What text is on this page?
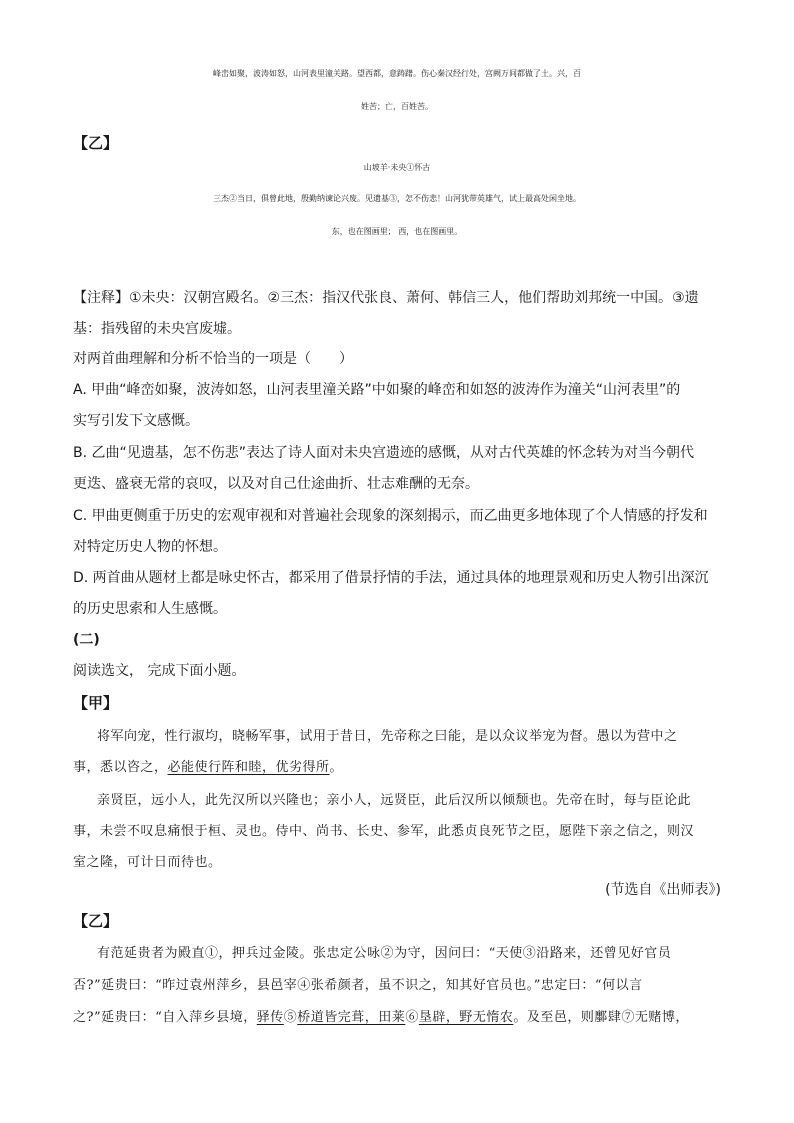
峰峦如聚，波涛如怒，山河表里潼关路。望西都，意踌躇。伤心秦汉经行处，宫阙万间都做了土。兴，百
姓苦；亡，百姓苦。
【乙】
山坡羊·未央①怀古
三杰②当日，俱曾此地，殷勤纳谏论兴废。见遗基③，怎不伤悲！山河犹带英雄气，试上最高处闲坐地。
东，也在图画里； 西，也在图画里。
【注释】①未央：汉朝宫殿名。②三杰：指汉代张良、萧何、韩信三人，他们帮助刘邦统一中国。③遗
基：指残留的未央宫废墟。
对两首曲理解和分析不恰当的一项是（　　）
A. 甲曲“峰峦如聚，波涛如怒，山河表里潼关路”中如聚的峰峦和如怒的波涛作为潼关“山河表里”的
实写引发下文感慨。
B. 乙曲“见遗基，怎不伤悲”表达了诗人面对未央宫遗迹的感慨，从对古代英雄的怀念转为对当今朝代
更迭、盛衰无常的哀叹，以及对自己仕途曲折、壮志难酬的无奈。
C. 甲曲更侧重于历史的宏观审视和对普遍社会现象的深刻揭示，而乙曲更多地体现了个人情感的抒发和
对特定历史人物的怀想。
D. 两首曲从题材上都是咏史怀古，都采用了借景抒情的手法，通过具体的地理景观和历史人物引出深沉
的历史思索和人生感慨。
(二)
阅读选文， 完成下面小题。
【甲】
将军向宠，性行淑均，晓畅军事，试用于昔日，先帝称之曰能，是以众议举宠为督。愚以为营中之
事，悉以咨之，必能使行阵和睦，优劣得所。
亲贤臣，远小人，此先汉所以兴隆也；亲小人，远贤臣，此后汉所以倾颓也。先帝在时，每与臣论此
事，未尝不叹息痛恨于桓、灵也。侍中、尚书、长史、参军，此悉贞良死节之臣，愿陛下亲之信之，则汉
室之隆，可计日而待也。
(节选自《出师表》)
【乙】
有范延贵者为殿直①，押兵过金陵。张忠定公咏②为守，因问曰：“天使③沿路来，还曾见好官员
否?”延贵曰：“昨过袁州萍乡，县邑宰④张希颜者，虽不识之，知其好官员也。”忠定曰：“何以言
之?”延贵曰：“自入萍乡县境，驿传⑤桥道皆完葺，田莱⑥垦辟，野无惰农。及至邑，则鄽肆⑦无赌博，
